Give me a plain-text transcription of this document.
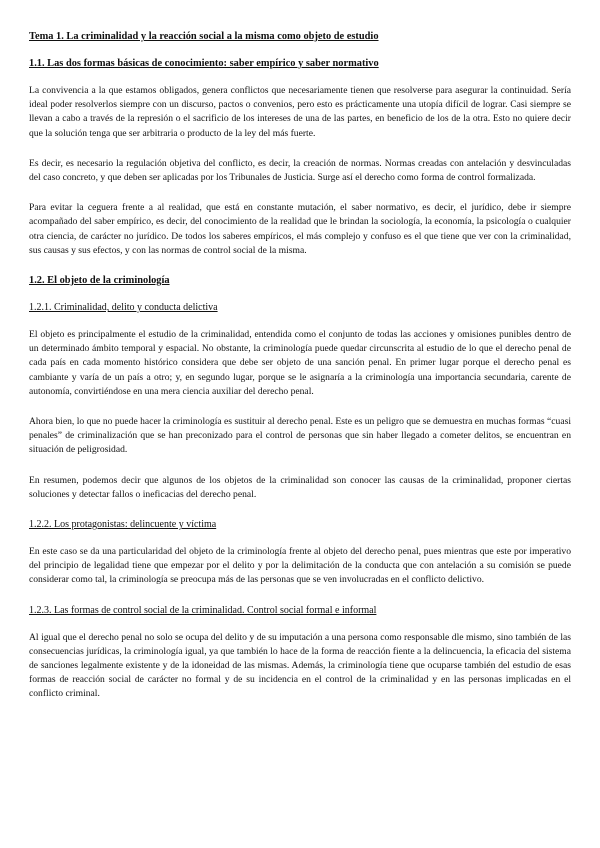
Tema 1. La criminalidad y la reacción social a la misma como objeto de estudio
1.1. Las dos formas básicas de conocimiento: saber empírico y saber normativo

La convivencia a la que estamos obligados, genera conflictos que necesariamente tienen que resolverse para asegurar la continuidad. Sería ideal poder resolverlos siempre con un discurso, pactos o convenios, pero esto es prácticamente una utopía difícil de lograr. Casi siempre se llevan a cabo a través de la represión o el sacrificio de los intereses de una de las partes, en beneficio de los de la otra. Esto no quiere decir que la solución tenga que ser arbitraria o producto de la ley del más fuerte.

Es decir, es necesario la regulación objetiva del conflicto, es decir, la creación de normas. Normas creadas con antelación y desvinculadas del caso concreto, y que deben ser aplicadas por los Tribunales de Justicia. Surge así el derecho como forma de control formalizada.

Para evitar la ceguera frente a al realidad, que está en constante mutación, el saber normativo, es decir, el jurídico, debe ir siempre acompañado del saber empírico, es decir, del conocimiento de la realidad que le brindan la sociología, la economía, la psicología o cualquier otra ciencia, de carácter no jurídico. De todos los saberes empíricos, el más complejo y confuso es el que tiene que ver con la criminalidad, sus causas y sus efectos, y con las normas de control social de la misma.

1.2. El objeto de la criminología
1.2.1. Criminalidad, delito y conducta delictiva

El objeto es principalmente el estudio de la criminalidad, entendida como el conjunto de todas las acciones y omisiones punibles dentro de un determinado ámbito temporal y espacial. No obstante, la criminología puede quedar circunscrita al estudio de lo que el derecho penal de cada país en cada momento histórico considera que debe ser objeto de una sanción penal. En primer lugar porque el derecho penal es cambiante y varía de un país a otro; y, en segundo lugar, porque se le asignaría a la criminología una importancia secundaria, carente de autonomía, convirtiéndose en una mera ciencia auxiliar del derecho penal.

Ahora bien, lo que no puede hacer la criminología es sustituir al derecho penal. Este es un peligro que se demuestra en muchas formas “cuasi penales” de criminalización que se han preconizado para el control de personas que sin haber llegado a cometer delitos, se encuentran en situación de peligrosidad.

En resumen, podemos decir que algunos de los objetos de la criminalidad son conocer las causas de la criminalidad, proponer ciertas soluciones y detectar fallos o ineficacias del derecho penal.

1.2.2. Los protagonistas: delincuente y víctima

En este caso se da una particularidad del objeto de la criminología frente al objeto del derecho penal, pues mientras que este por imperativo del principio de legalidad tiene que empezar por el delito y por la delimitación de la conducta que con antelación a su comisión se puede considerar como tal, la criminología se preocupa más de las personas que se ven involucradas en el conflicto delictivo.

1.2.3. Las formas de control social de la criminalidad. Control social formal e informal

Al igual que el derecho penal no solo se ocupa del delito y de su imputación a una persona como responsable dle mismo, sino también de las consecuencias jurídicas, la criminología igual, ya que también lo hace de la forma de reacción fiente a la delincuencia, la eficacia del sistema de sanciones legalmente existente y de la idoneidad de las mismas. Además, la criminología tiene que ocuparse también del estudio de esas formas de reacción social de carácter no formal y de su incidencia en el control de la criminalidad y en las personas implicadas en el conflicto criminal.
